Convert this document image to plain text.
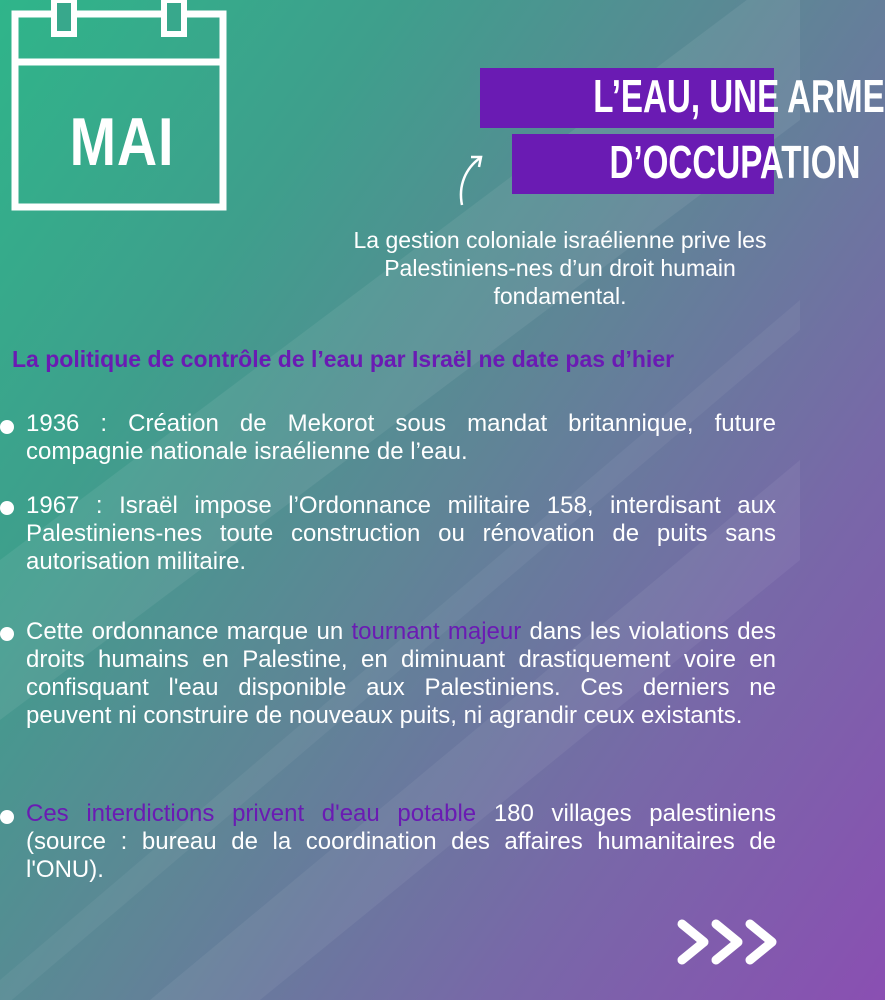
MAI
L’EAU, UNE ARME
D’OCCUPATION
La gestion coloniale israélienne prive les Palestiniens-nes d’un droit humain fondamental.
La politique de contrôle de l’eau par Israël ne date pas d’hier
1936 : Création de Mekorot sous mandat britannique, future compagnie nationale israélienne de l’eau.
1967 : Israël impose l’Ordonnance militaire 158, interdisant aux Palestiniens-nes toute construction ou rénovation de puits sans autorisation militaire.
Cette ordonnance marque un tournant majeur dans les violations des droits humains en Palestine, en diminuant drastiquement voire en confisquant l'eau disponible aux Palestiniens. Ces derniers ne peuvent ni construire de nouveaux puits, ni agrandir ceux existants.
Ces interdictions privent d'eau potable 180 villages palestiniens (source : bureau de la coordination des affaires humanitaires de l'ONU).
